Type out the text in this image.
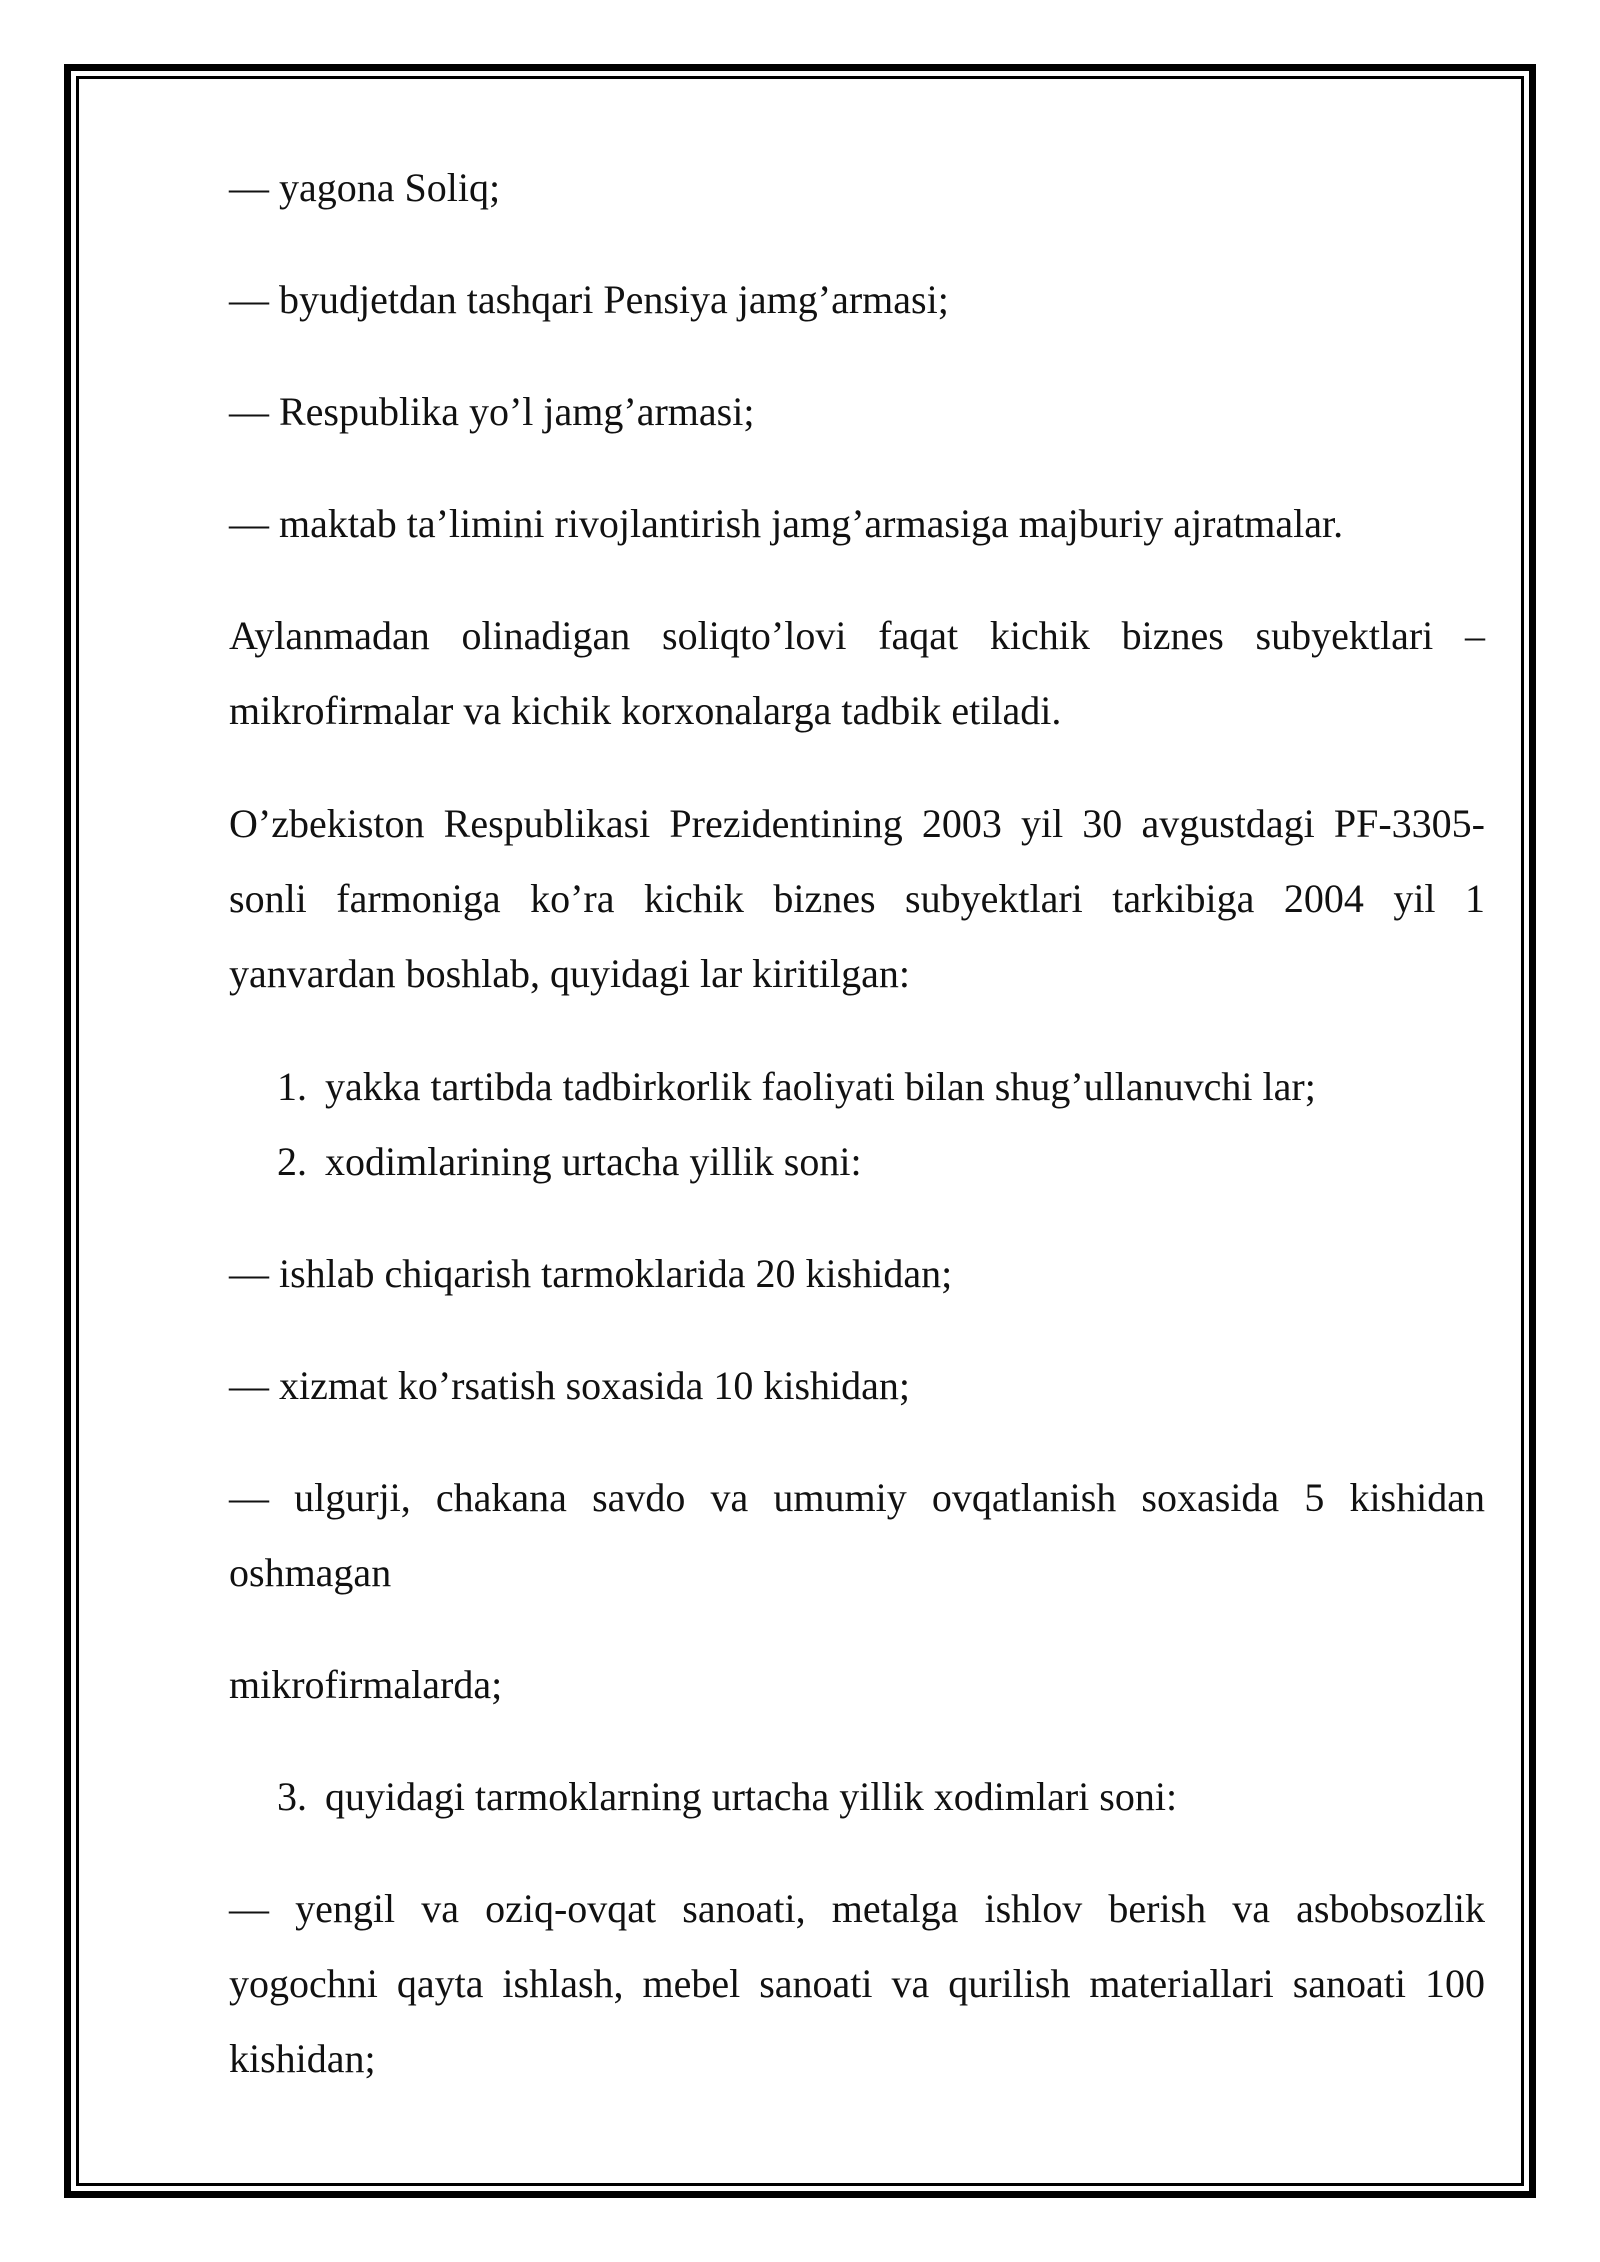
— yagona Soliq;

— byudjetdan tashqari Pensiya jamg’armasi;

— Respublika yo’l jamg’armasi;

— maktab ta’limini rivojlantirish jamg’armasiga majburiy ajratmalar.

Aylanmadan olinadigan soliqto’lovi faqat kichik biznes subyektlari – mikrofirmalar va kichik korxonalarga tadbik etiladi.

O’zbekiston Respublikasi Prezidentining 2003 yil 30 avgustdagi PF-3305-sonli farmoniga ko’ra kichik biznes subyektlari tarkibiga 2004 yil 1 yanvardan boshlab, quyidagi lar kiritilgan:

1. yakka tartibda tadbirkorlik faoliyati bilan shug’ullanuvchi lar;

2. xodimlarining urtacha yillik soni:

— ishlab chiqarish tarmoklarida 20 kishidan;

— xizmat ko’rsatish soxasida 10 kishidan;

— ulgurji, chakana savdo va umumiy ovqatlanish soxasida 5 kishidan oshmagan

mikrofirmalarda;

3. quyidagi tarmoklarning urtacha yillik xodimlari soni:

— yengil va oziq-ovqat sanoati, metalga ishlov berish va asbobsozlik yogochni qayta ishlash, mebel sanoati va qurilish materiallari sanoati 100 kishidan;
